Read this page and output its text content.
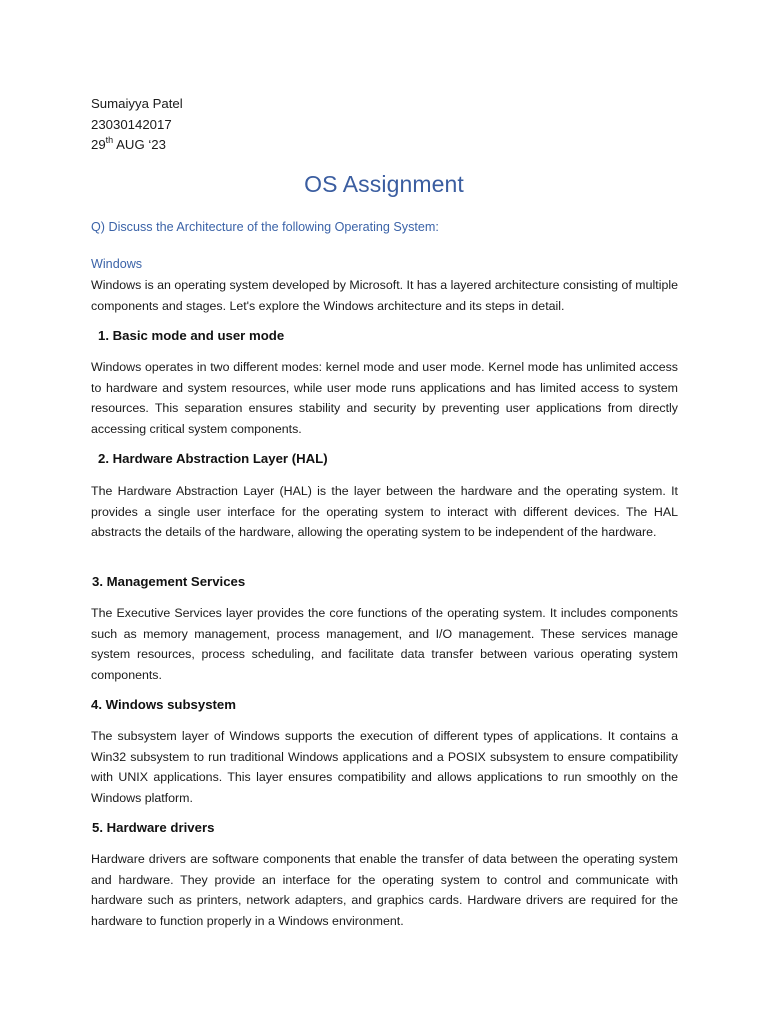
Sumaiyya Patel
23030142017
29th AUG ‘23
OS Assignment
Q) Discuss the Architecture of the following Operating System:
Windows
Windows is an operating system developed by Microsoft. It has a layered architecture consisting of multiple components and stages. Let's explore the Windows architecture and its steps in detail.
1. Basic mode and user mode
Windows operates in two different modes: kernel mode and user mode. Kernel mode has unlimited access to hardware and system resources, while user mode runs applications and has limited access to system resources. This separation ensures stability and security by preventing user applications from directly accessing critical system components.
2. Hardware Abstraction Layer (HAL)
The Hardware Abstraction Layer (HAL) is the layer between the hardware and the operating system. It provides a single user interface for the operating system to interact with different devices. The HAL abstracts the details of the hardware, allowing the operating system to be independent of the hardware.
3. Management Services
The Executive Services layer provides the core functions of the operating system. It includes components such as memory management, process management, and I/O management. These services manage system resources, process scheduling, and facilitate data transfer between various operating system components.
4. Windows subsystem
The subsystem layer of Windows supports the execution of different types of applications. It contains a Win32 subsystem to run traditional Windows applications and a POSIX subsystem to ensure compatibility with UNIX applications. This layer ensures compatibility and allows applications to run smoothly on the Windows platform.
5. Hardware drivers
Hardware drivers are software components that enable the transfer of data between the operating system and hardware. They provide an interface for the operating system to control and communicate with hardware such as printers, network adapters, and graphics cards. Hardware drivers are required for the hardware to function properly in a Windows environment.
